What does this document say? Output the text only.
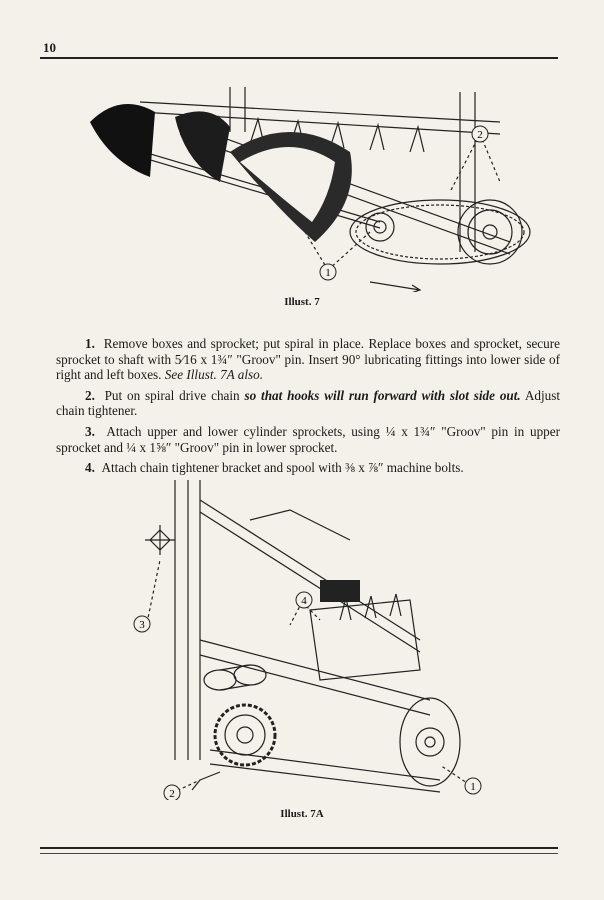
10
2
1
Illust. 7

1. Remove boxes and sprocket; put spiral in place. Replace boxes and sprocket, secure sprocket to shaft with 5⁄16 x 1¾″ "Groov" pin. Insert 90° lubricating fittings into lower side of right and left boxes. See Illust. 7A also.

2. Put on spiral drive chain so that hooks will run forward with slot side out. Adjust chain tightener.

3. Attach upper and lower cylinder sprockets, using ¼ x 1¾″ "Groov" pin in upper sprocket and ¼ x 1⅝″ "Groov" pin in lower sprocket.

4. Attach chain tightener bracket and spool with ⅜ x ⅞″ machine bolts.

3
4
1
2
Illust. 7A
